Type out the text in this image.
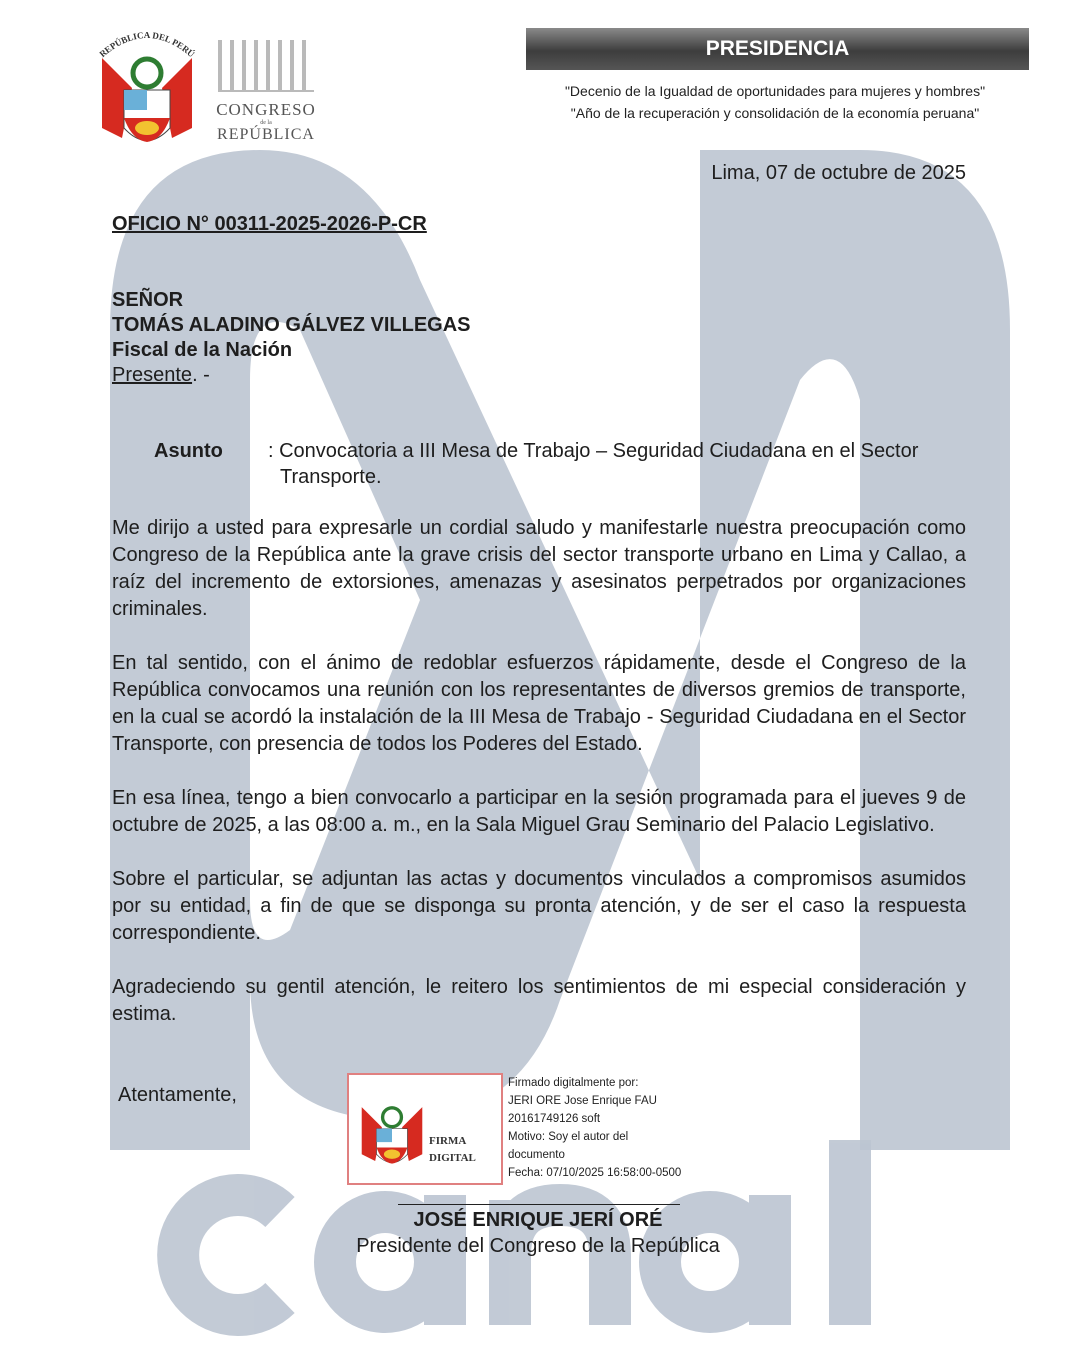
REPÚBLICA DEL PERÚ
CONGRESO
de la
REPÚBLICA
PRESIDENCIA
"Decenio de la Igualdad de oportunidades para mujeres y hombres"
"Año de la recuperación y consolidación de la economía peruana"
Lima, 07 de octubre de 2025
OFICIO N° 00311-2025-2026-P-CR
SEÑOR
TOMÁS ALADINO GÁLVEZ VILLEGAS
Fiscal de la Nación
Presente. -
Asunto : Convocatoria a III Mesa de Trabajo – Seguridad Ciudadana en el Sector
Transporte.

Me dirijo a usted para expresarle un cordial saludo y manifestarle nuestra preocupación como Congreso de la República ante la grave crisis del sector transporte urbano en Lima y Callao, a raíz del incremento de extorsiones, amenazas y asesinatos perpetrados por organizaciones criminales.

En tal sentido, con el ánimo de redoblar esfuerzos rápidamente, desde el Congreso de la República convocamos una reunión con los representantes de diversos gremios de transporte, en la cual se acordó la instalación de la III Mesa de Trabajo - Seguridad Ciudadana en el Sector Transporte, con presencia de todos los Poderes del Estado.

En esa línea, tengo a bien convocarlo a participar en la sesión programada para el jueves 9 de octubre de 2025, a las 08:00 a. m., en la Sala Miguel Grau Seminario del Palacio Legislativo.

Sobre el particular, se adjuntan las actas y documentos vinculados a compromisos asumidos por su entidad, a fin de que se disponga su pronta atención, y de ser el caso la respuesta correspondiente.

Agradeciendo su gentil atención, le reitero los sentimientos de mi especial consideración y estima.

Atentamente,
FIRMA
DIGITAL
Firmado digitalmente por:
JERI ORE Jose Enrique FAU
20161749126 soft
Motivo: Soy el autor del
documento
Fecha: 07/10/2025 16:58:00-0500
JOSÉ ENRIQUE JERÍ ORÉ
Presidente del Congreso de la República
